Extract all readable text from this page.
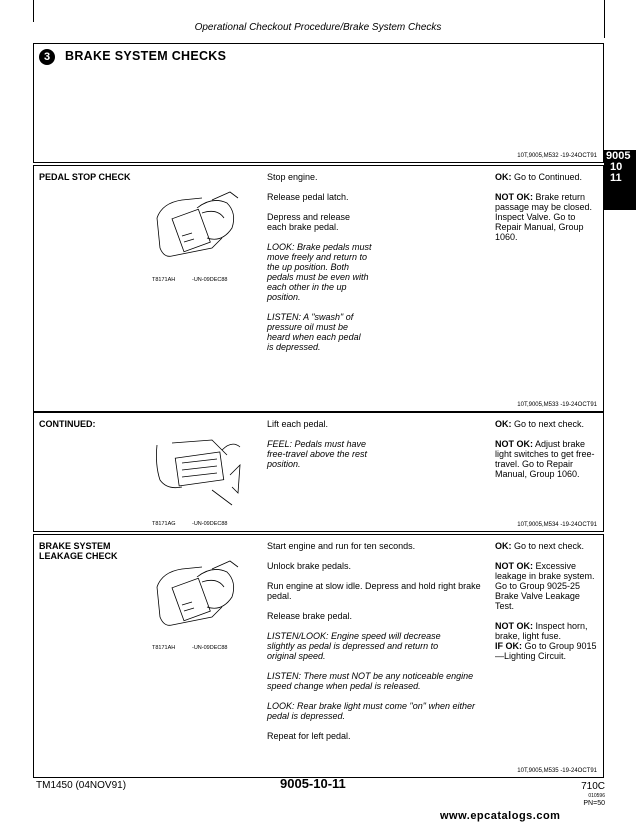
Operational Checkout Procedure/Brake System Checks
3	BRAKE SYSTEM CHECKS
10T,9005,M532 -19-24OCT91 9005
10
11
PEDAL STOP CHECK
T8171AH	-UN-09DEC88

Stop engine.

Release pedal latch.

Depress and release each brake pedal.

LOOK: Brake pedals must move freely and return to the up position. Both pedals must be even with each other in the up position.

LISTEN: A "swash" of pressure oil must be heard when each pedal is depressed.

OK: Go to Continued.

NOT OK: Brake return passage may be closed. Inspect Valve. Go to Repair Manual, Group 1060.

10T,9005,M533 -19-24OCT91
CONTINUED:
T8171AG	-UN-09DEC88

Lift each pedal.

FEEL: Pedals must have free-travel above the rest position.

OK: Go to next check.

NOT OK: Adjust brake light switches to get free-travel. Go to Repair Manual, Group 1060.

10T,9005,M534 -19-24OCT91
BRAKE SYSTEM LEAKAGE CHECK
T8171AH	-UN-09DEC88

Start engine and run for ten seconds.

Unlock brake pedals.

Run engine at slow idle. Depress and hold right brake pedal.

Release brake pedal.

LISTEN/LOOK: Engine speed will decrease slightly as pedal is depressed and return to original speed.

LISTEN: There must NOT be any noticeable engine speed change when pedal is released.

LOOK: Rear brake light must come "on" when either pedal is depressed.

Repeat for left pedal.

OK: Go to next check.

NOT OK: Excessive leakage in brake system. Go to Group 9025-25 Brake Valve Leakage Test.

NOT OK: Inspect horn, brake, light fuse.

IF OK: Go to Group 9015—Lighting Circuit.

10T,9005,M535 -19-24OCT91
TM1450 (04NOV91)	9005-10-11	710C
010596
PN=50
www.epcatalogs.com
